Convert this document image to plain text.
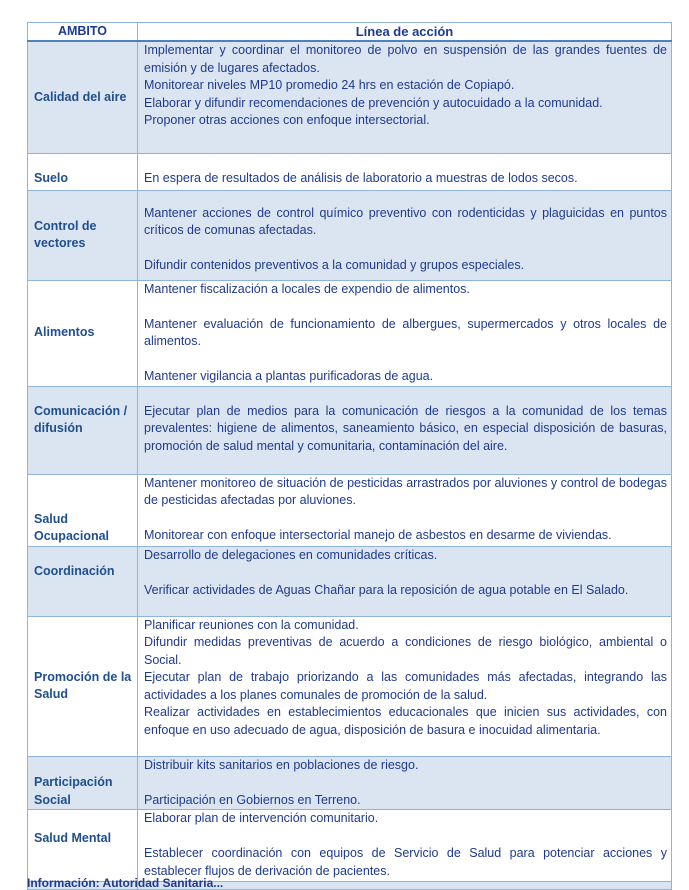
AMBITO	Línea de acción
Calidad del aire	Implementar y coordinar el monitoreo de polvo en suspensión de las grandes fuentes de emisión y de lugares afectados.

Monitorear niveles MP10 promedio 24 hrs en estación de Copiapó.

Elaborar y difundir recomendaciones de prevención y autocuidado a la comunidad.

Proponer otras acciones con enfoque intersectorial.

Suelo	En espera de resultados de análisis de laboratorio a muestras de lodos secos.

Control de vectores	Mantener acciones de control químico preventivo con rodenticidas y plaguicidas en puntos críticos de comunas afectadas.

Difundir contenidos preventivos a la comunidad y grupos especiales.

Alimentos	Mantener fiscalización a locales de expendio de alimentos.

Mantener evaluación de funcionamiento de albergues, supermercados y otros locales de alimentos.

Mantener vigilancia a plantas purificadoras de agua.

Comunicación / difusión	Ejecutar plan de medios para la comunicación de riesgos a la comunidad de los temas prevalentes: higiene de alimentos, saneamiento básico, en especial disposición de basuras, promoción de salud mental y comunitaria, contaminación del aire.

Salud Ocupacional	Mantener monitoreo de situación de pesticidas arrastrados por aluviones y control de bodegas de pesticidas afectadas por aluviones.

Monitorear con enfoque intersectorial manejo de asbestos en desarme de viviendas.

Coordinación	Desarrollo de delegaciones en comunidades críticas.

Verificar actividades de Aguas Chañar para la reposición de agua potable en El Salado.

Promoción de la Salud	Planificar reuniones con la comunidad.

Difundir medidas preventivas de acuerdo a condiciones de riesgo biológico, ambiental o Social.

Ejecutar plan de trabajo priorizando a las comunidades más afectadas, integrando las actividades a los planes comunales de promoción de la salud.

Realizar actividades en establecimientos educacionales que inicien sus actividades, con enfoque en uso adecuado de agua, disposición de basura e inocuidad alimentaria.

Participación Social	Distribuir kits sanitarios en poblaciones de riesgo.

Participación en Gobiernos en Terreno.

Salud Mental	Elaborar plan de intervención comunitario.

Establecer coordinación con equipos de Servicio de Salud para potenciar acciones y establecer flujos de derivación de pacientes.

Información: Autoridad Sanitaria...
